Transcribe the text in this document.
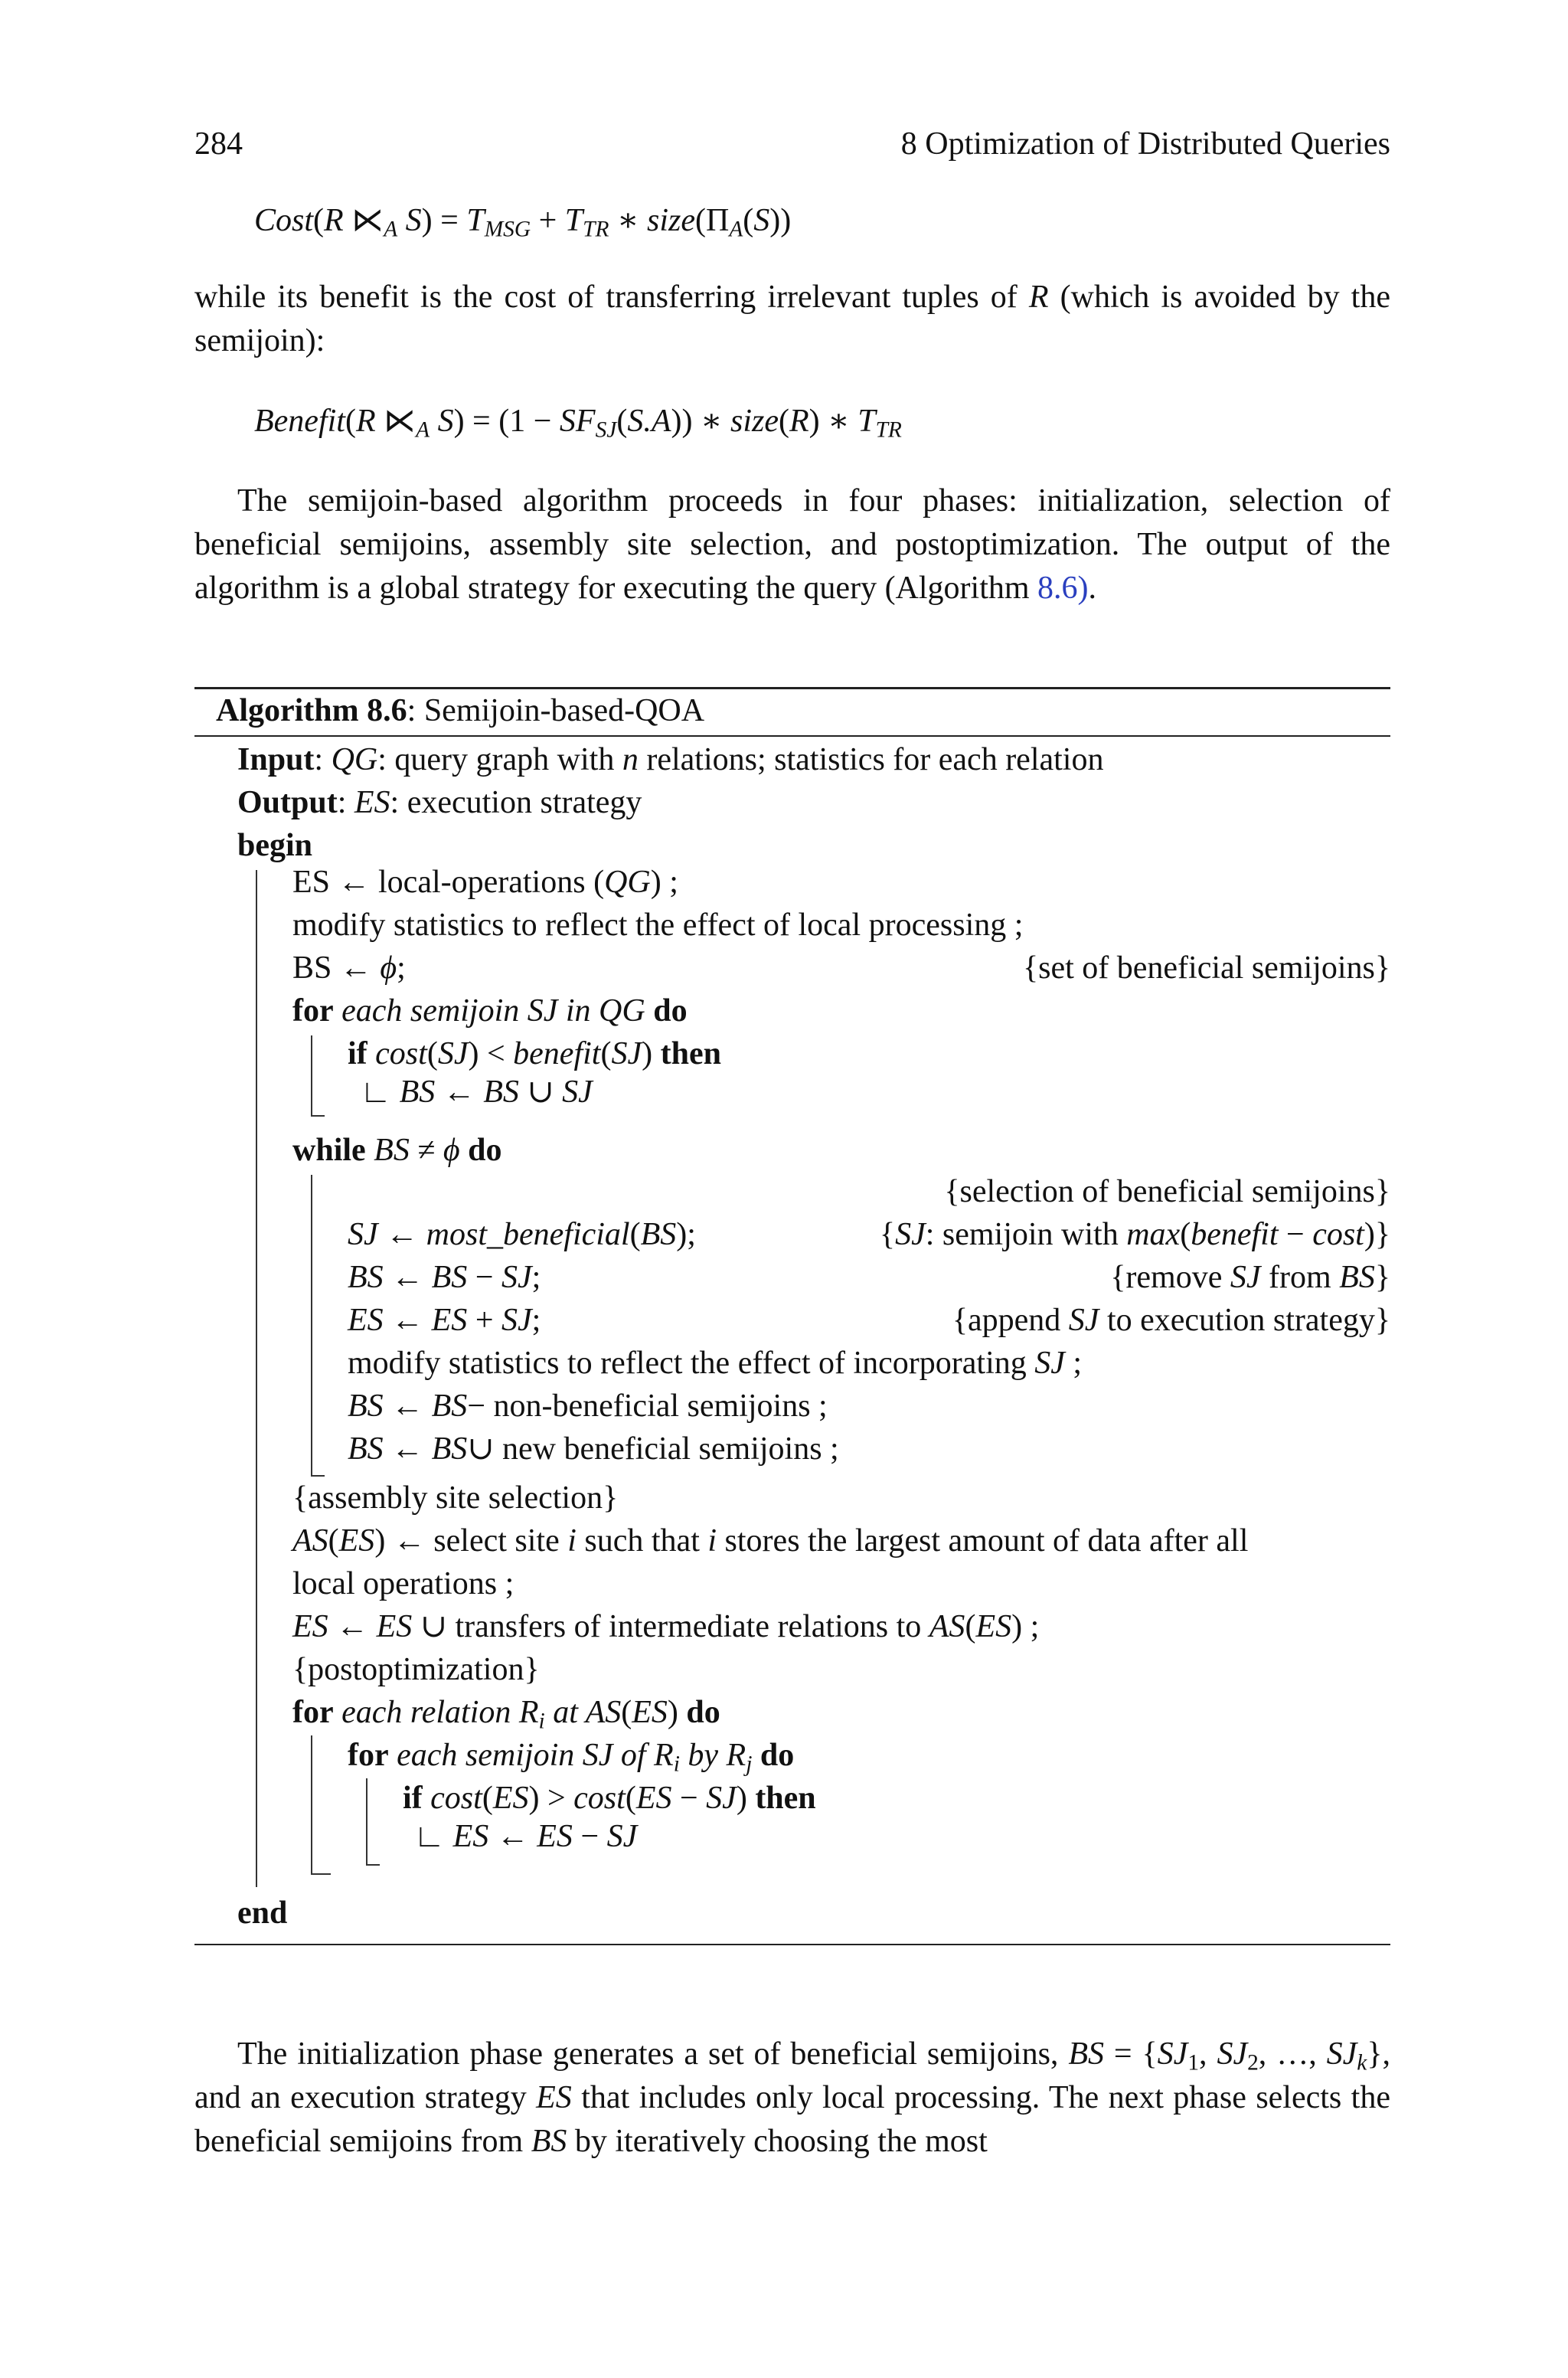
284	8 Optimization of Distributed Queries
Cost(R $⋉_A$ $S) = T_{MSG} + T_{TR}$ ∗ $size(\Pi_A(S))$
while its benefit is the cost of transferring irrelevant tuples of R (which is avoided by the semijoin):
Benefit(R $⋉_A$ $S) = (1 - SF_{SJ}(S.A))$ ∗ size(R) ∗ $T_{TR}$
The semijoin-based algorithm proceeds in four phases: initialization, selection of beneficial semijoins, assembly site selection, and postoptimization. The output of the algorithm is a global strategy for executing the query (Algorithm 8.6).
Algorithm 8.6: Semijoin-based-QOA
Input: QG: query graph with n relations; statistics for each relation
Output: ES: execution strategy
begin
ES ← local-operations (QG) ;
modify statistics to reflect the effect of local processing ;
BS ← ϕ;	{set of beneficial semijoins}
for each semijoin SJ in QG do
if cost(SJ) < benefit(SJ) then
∟ BS ← BS ∪ SJ
while BS ≠ ϕ do
{selection of beneficial semijoins}
SJ ← most_beneficial(BS);	{SJ: semijoin with max(benefit − cost)}
BS ← BS − SJ;	{remove SJ from BS}
ES ← ES + SJ;	{append SJ to execution strategy}
modify statistics to reflect the effect of incorporating SJ ;
BS ← BS− non-beneficial semijoins ;
BS ← BS∪ new beneficial semijoins ;
{assembly site selection}
AS(ES) ← select site i such that i stores the largest amount of data after all
local operations ;
ES ← ES ∪ transfers of intermediate relations to AS(ES) ;
{postoptimization}
for each relation $R_i$ at AS(ES) do
for each semijoin SJ of $R_i$ by $R_j$ do
if cost(ES) > cost(ES − SJ) then
∟ ES ← ES − SJ
end
The initialization phase generates a set of beneficial semijoins, BS = {$SJ_1$, $SJ_2$, …, $SJ_k$}, and an execution strategy ES that includes only local processing. The next phase selects the beneficial semijoins from BS by iteratively choosing the most
